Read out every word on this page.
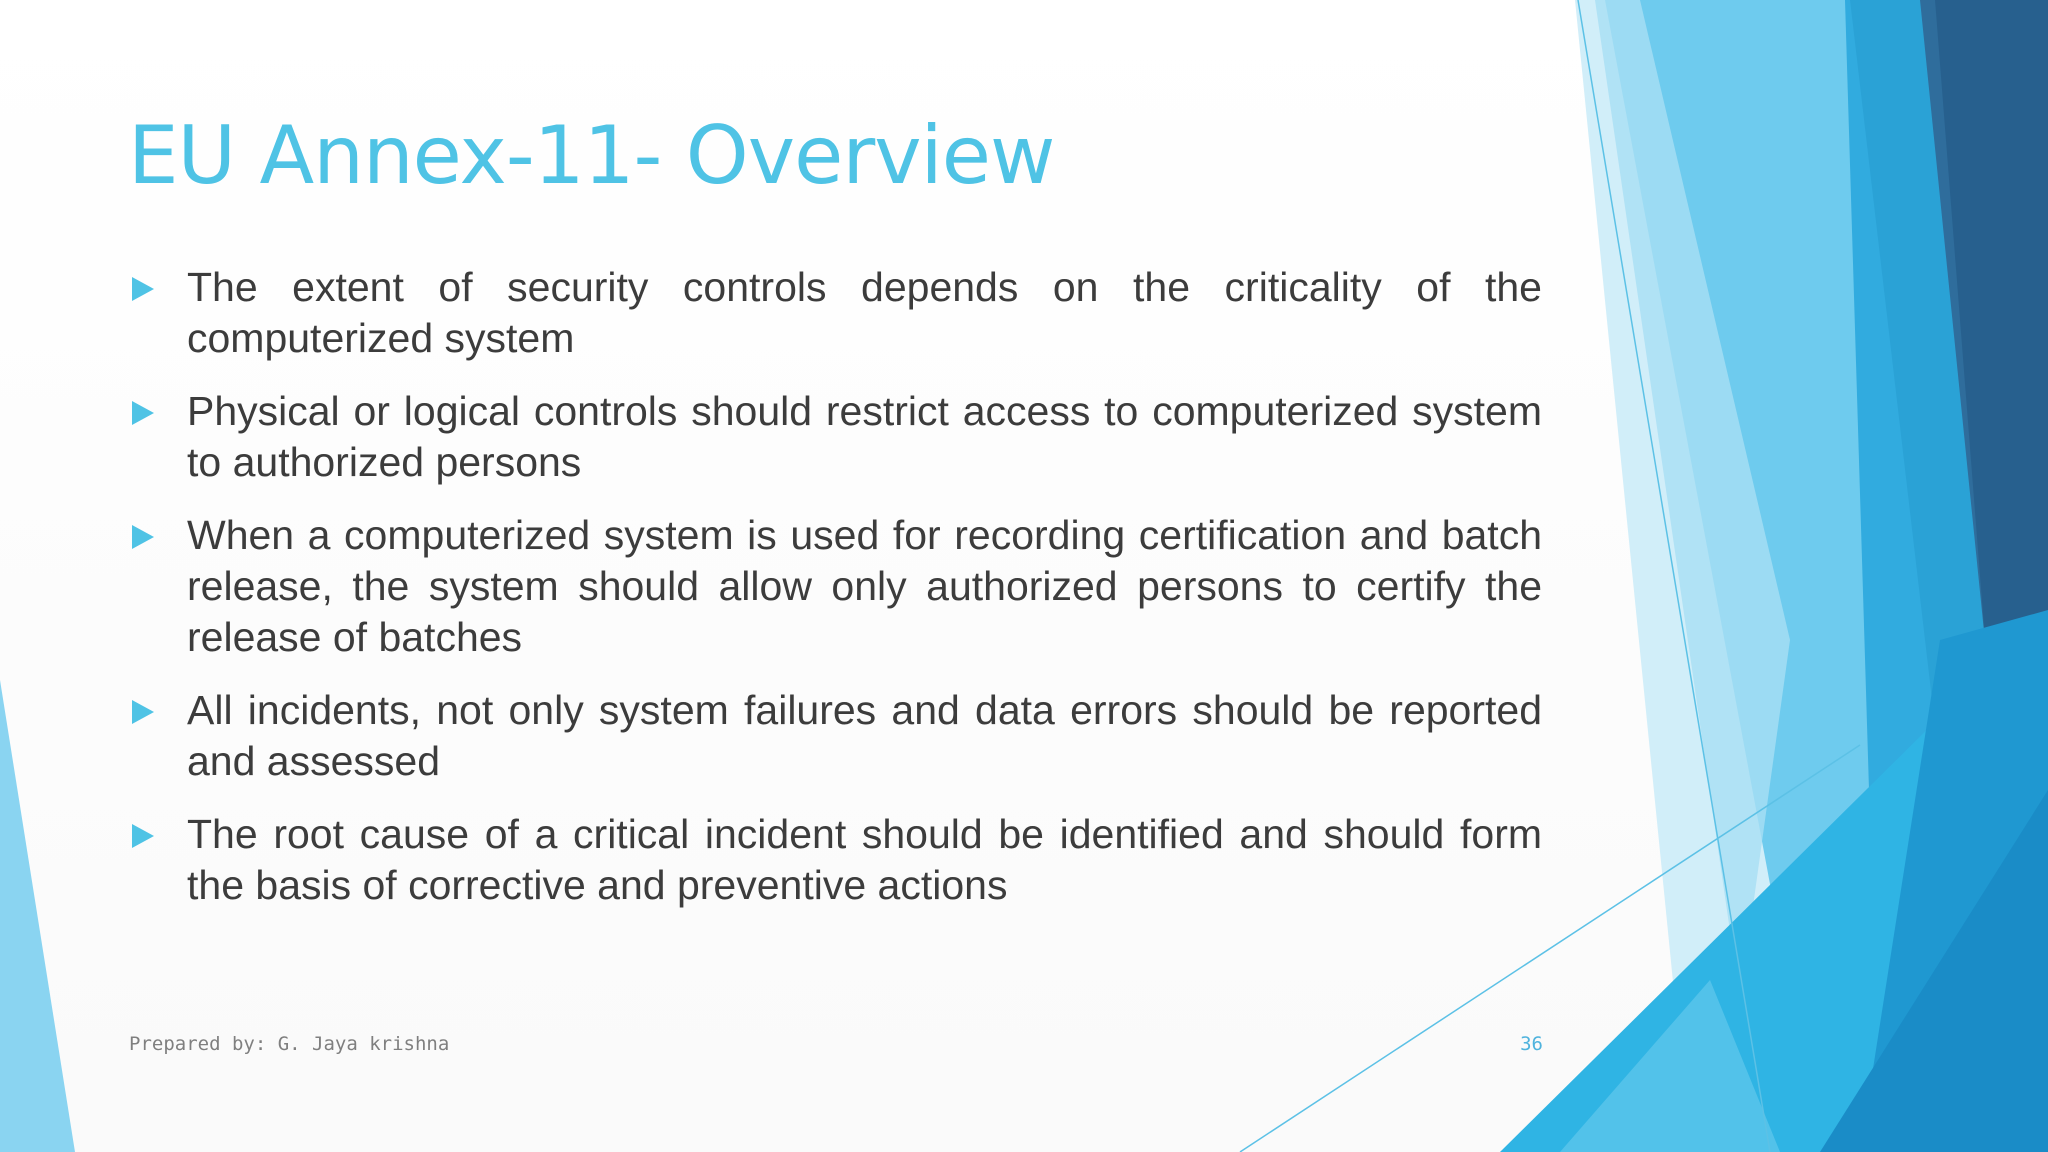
EU Annex-11- Overview
The extent of security controls depends on the criticality of the computerized system
Physical or logical controls should restrict access to computerized system to authorized persons
When a computerized system is used for recording certification and batch release, the system should allow only authorized persons to certify the release of batches
All incidents, not only system failures and data errors should be reported and assessed
The root cause of a critical incident should be identified and should form the basis of corrective and preventive actions
Prepared by: G. Jaya krishna	36
